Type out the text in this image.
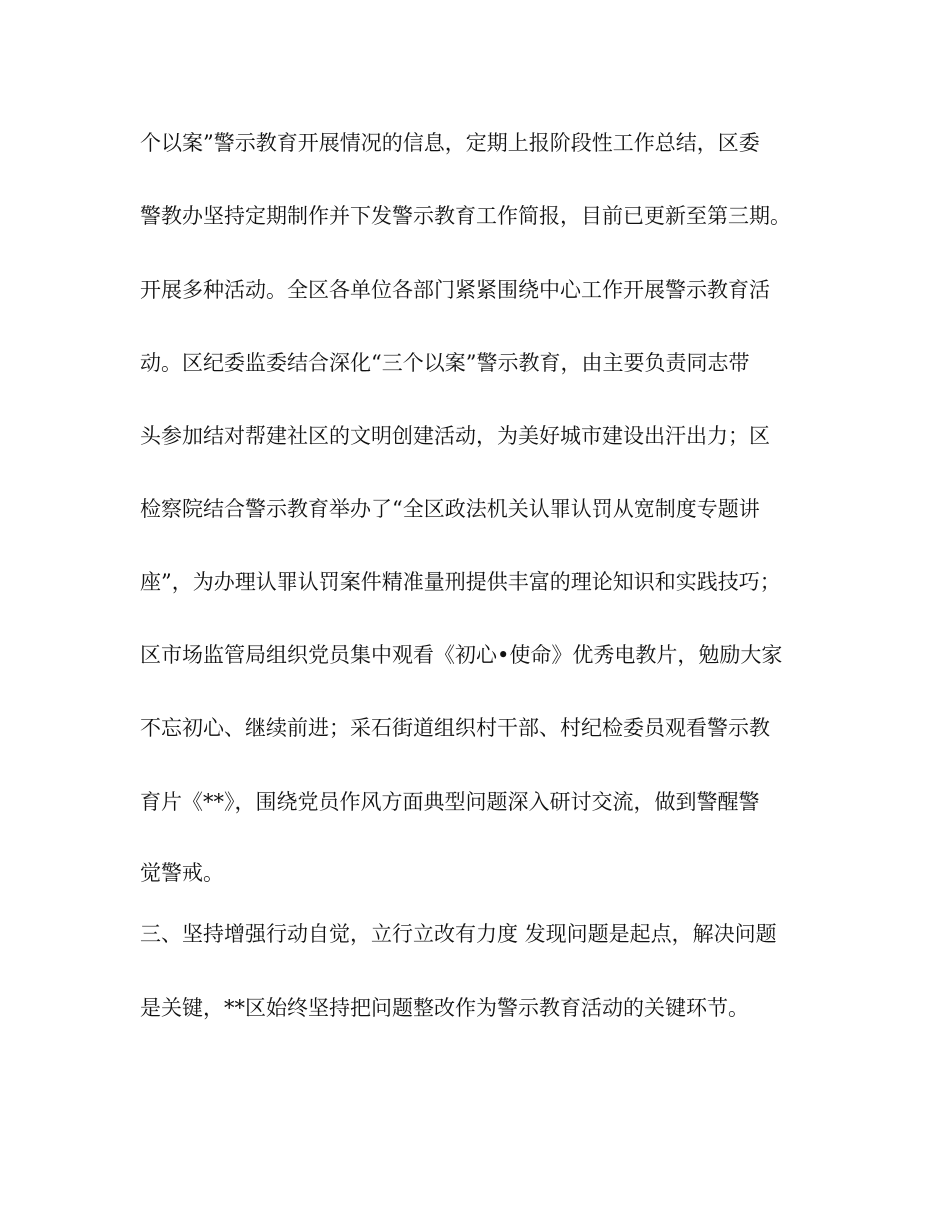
个以案”警示教育开展情况的信息，定期上报阶段性工作总结，区委

警教办坚持定期制作并下发警示教育工作简报，目前已更新至第三期。

开展多种活动。全区各单位各部门紧紧围绕中心工作开展警示教育活

动。区纪委监委结合深化“三个以案”警示教育，由主要负责同志带

头参加结对帮建社区的文明创建活动，为美好城市建设出汗出力；区

检察院结合警示教育举办了“全区政法机关认罪认罚从宽制度专题讲

座”，为办理认罪认罚案件精准量刑提供丰富的理论知识和实践技巧；

区市场监管局组织党员集中观看《初心•使命》优秀电教片，勉励大家

不忘初心、继续前进；采石街道组织村干部、村纪检委员观看警示教

育片《**》，围绕党员作风方面典型问题深入研讨交流，做到警醒警

觉警戒。

三、坚持增强行动自觉，立行立改有力度 发现问题是起点，解决问题

是关键，**区始终坚持把问题整改作为警示教育活动的关键环节。
